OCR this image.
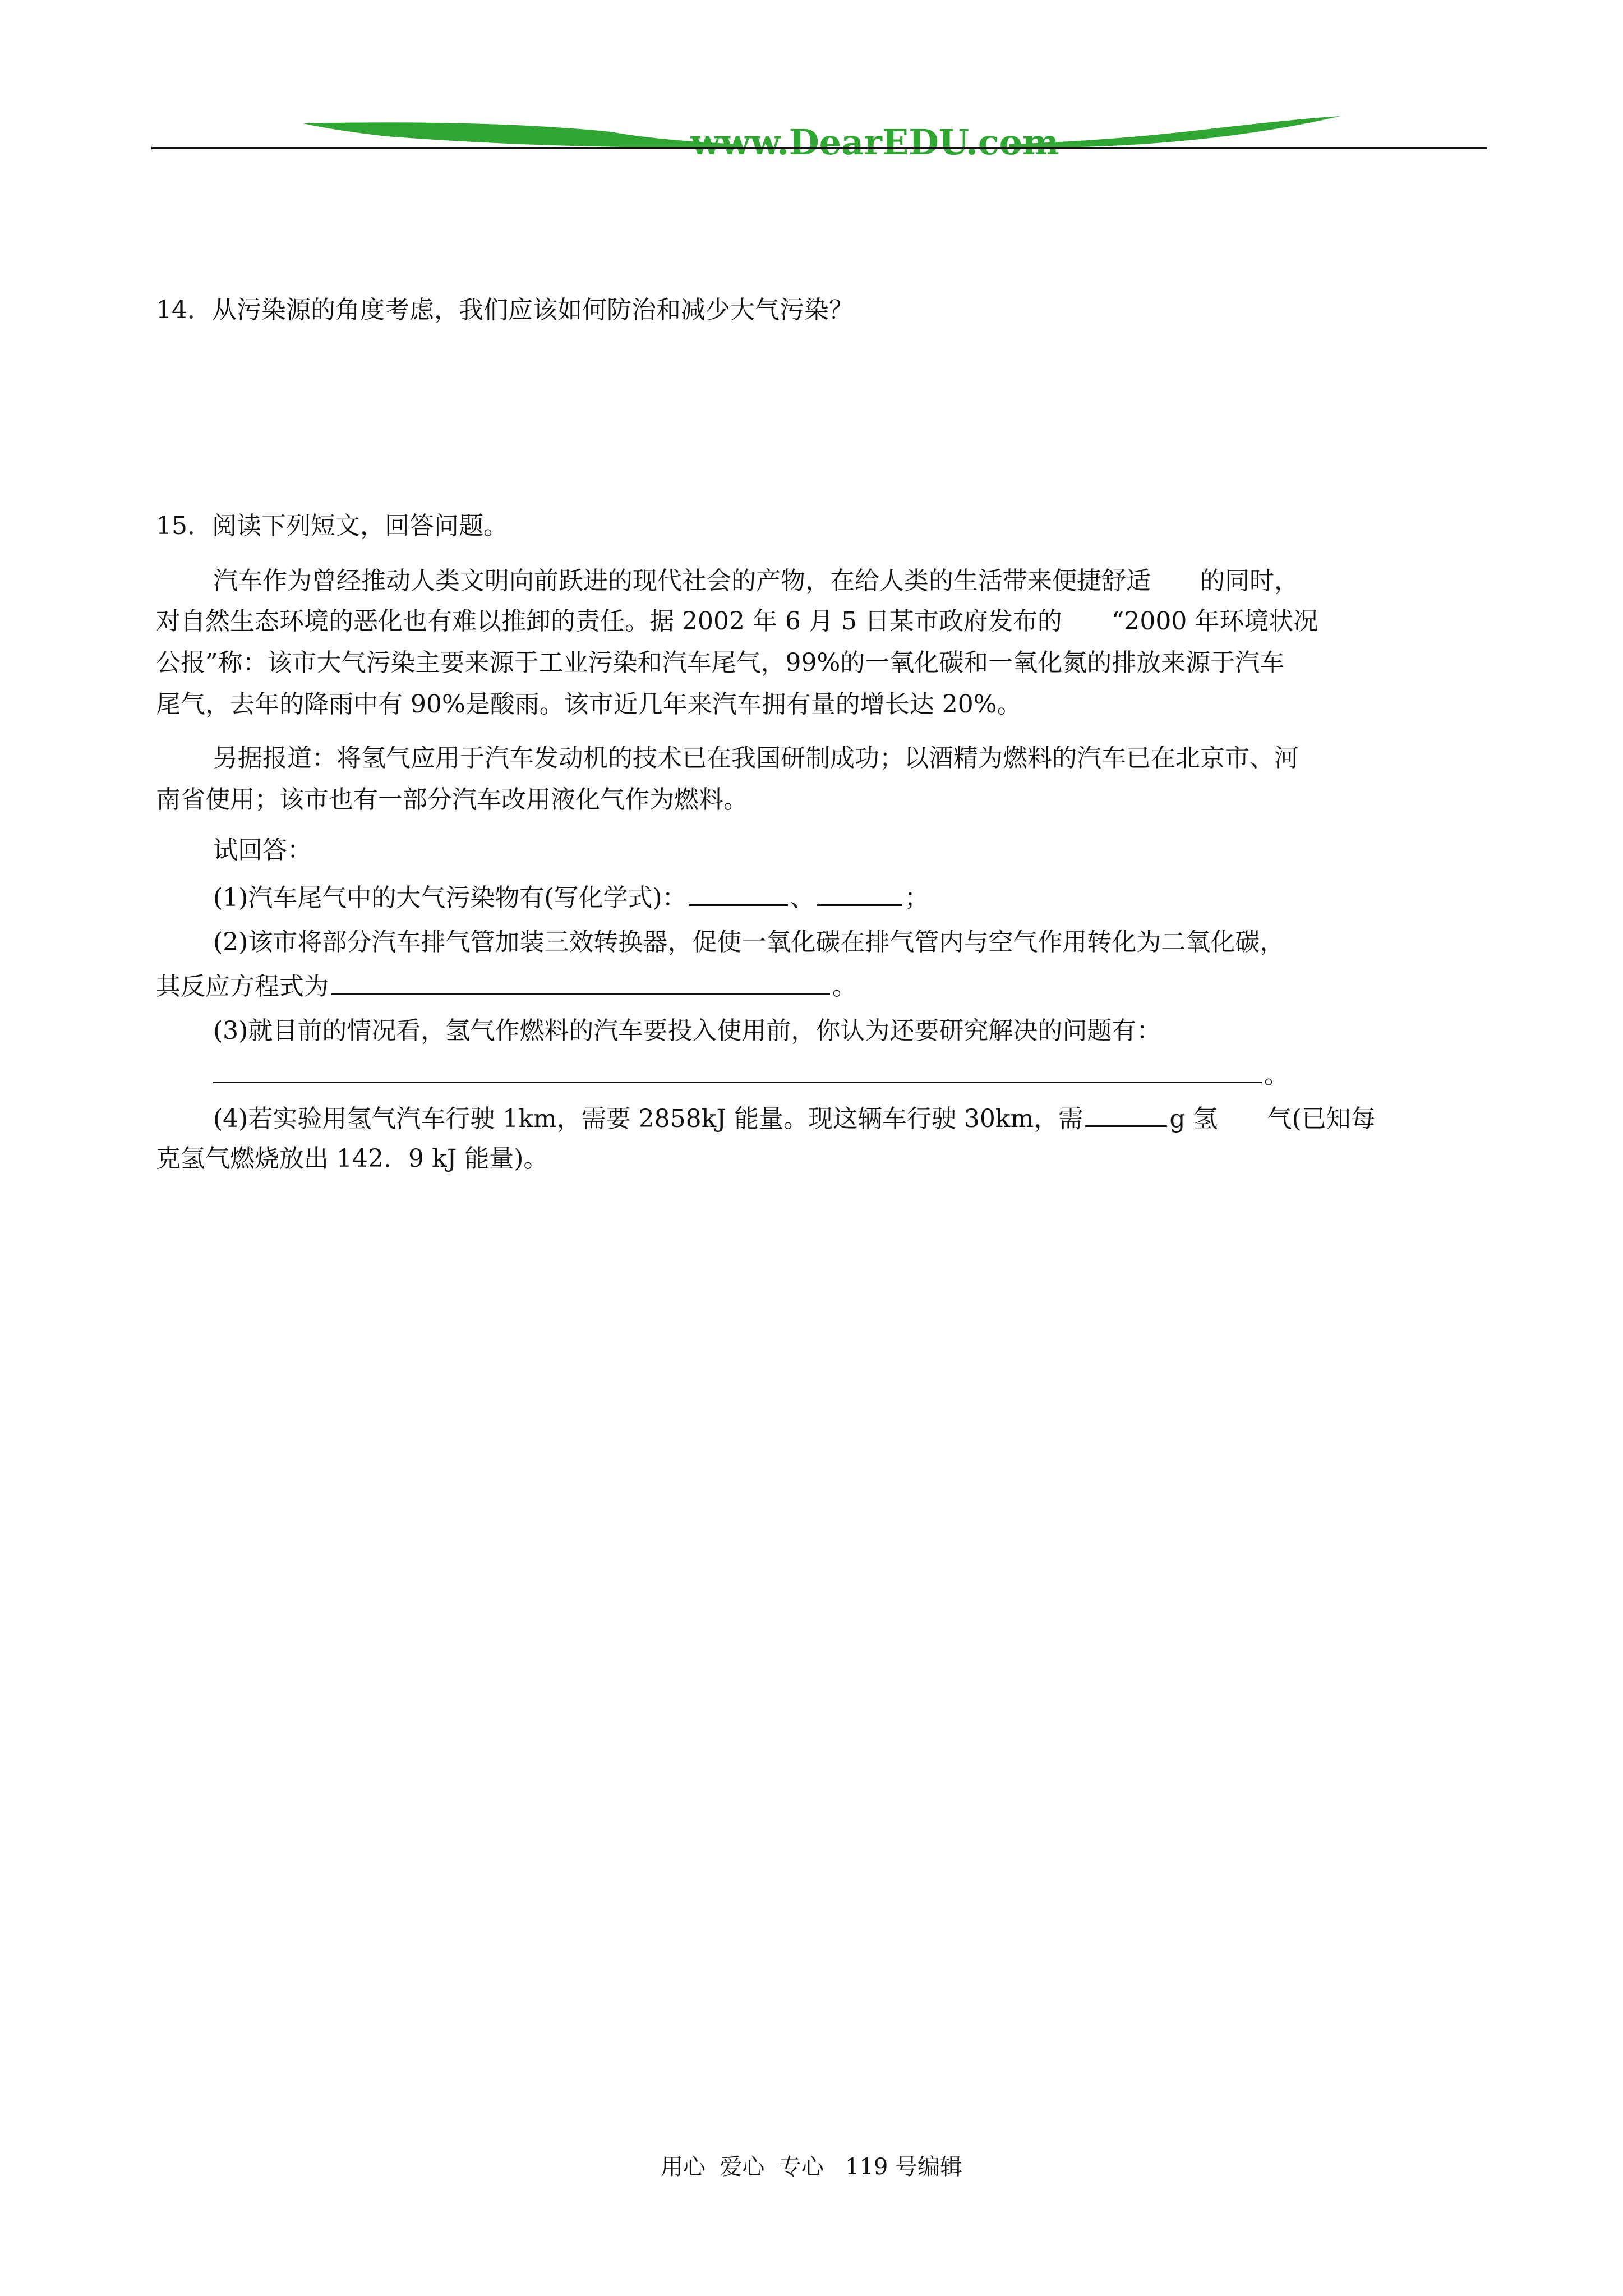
www.DearEDU.com
14．从污染源的角度考虑，我们应该如何防治和减少大气污染？
15．阅读下列短文，回答问题。
汽车作为曾经推动人类文明向前跃进的现代社会的产物，在给人类的生活带来便捷舒适　　的同时，
对自然生态环境的恶化也有难以推卸的责任。据 2002 年 6 月 5 日某市政府发布的　　“2000 年环境状况
公报”称：该市大气污染主要来源于工业污染和汽车尾气，99%的一氧化碳和一氧化氮的排放来源于汽车
尾气，去年的降雨中有 90%是酸雨。该市近几年来汽车拥有量的增长达 20%。
另据报道：将氢气应用于汽车发动机的技术已在我国研制成功；以酒精为燃料的汽车已在北京市、河
南省使用；该市也有一部分汽车改用液化气作为燃料。
试回答：
(1)汽车尾气中的大气污染物有(写化学式)：	、	；
(2)该市将部分汽车排气管加装三效转换器，促使一氧化碳在排气管内与空气作用转化为二氧化碳，
其反应方程式为	。
(3)就目前的情况看，氢气作燃料的汽车要投入使用前，你认为还要研究解决的问题有：
。
(4)若实验用氢气汽车行驶 1km，需要 2858kJ 能量。现这辆车行驶 30km，需	g 氢　　气(已知每
克氢气燃烧放出 142．9 kJ 能量)。
用心  爱心  专心   119 号编辑
